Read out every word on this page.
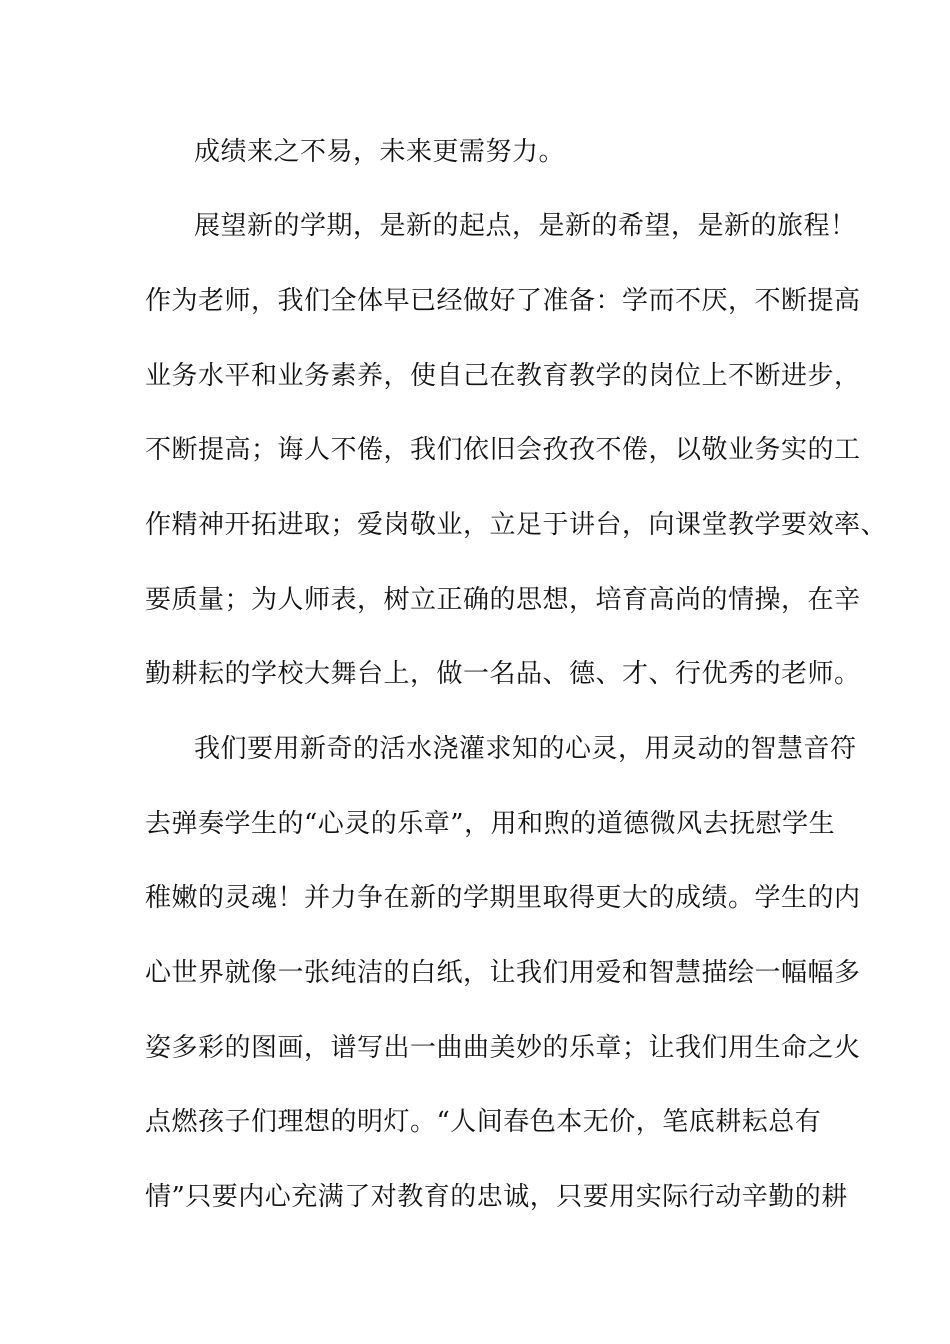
成绩来之不易，未来更需努力。
展望新的学期，是新的起点，是新的希望，是新的旅程！
作为老师，我们全体早已经做好了准备：学而不厌，不断提高
业务水平和业务素养，使自己在教育教学的岗位上不断进步，
不断提高；诲人不倦，我们依旧会孜孜不倦，以敬业务实的工
作精神开拓进取；爱岗敬业，立足于讲台，向课堂教学要效率、
要质量；为人师表，树立正确的思想，培育高尚的情操，在辛
勤耕耘的学校大舞台上，做一名品、德、才、行优秀的老师。
我们要用新奇的活水浇灌求知的心灵，用灵动的智慧音符
去弹奏学生的“心灵的乐章”，用和煦的道德微风去抚慰学生
稚嫩的灵魂！并力争在新的学期里取得更大的成绩。学生的内
心世界就像一张纯洁的白纸，让我们用爱和智慧描绘一幅幅多
姿多彩的图画，谱写出一曲曲美妙的乐章；让我们用生命之火
点燃孩子们理想的明灯。“人间春色本无价，笔底耕耘总有
情”只要内心充满了对教育的忠诚，只要用实际行动辛勤的耕
